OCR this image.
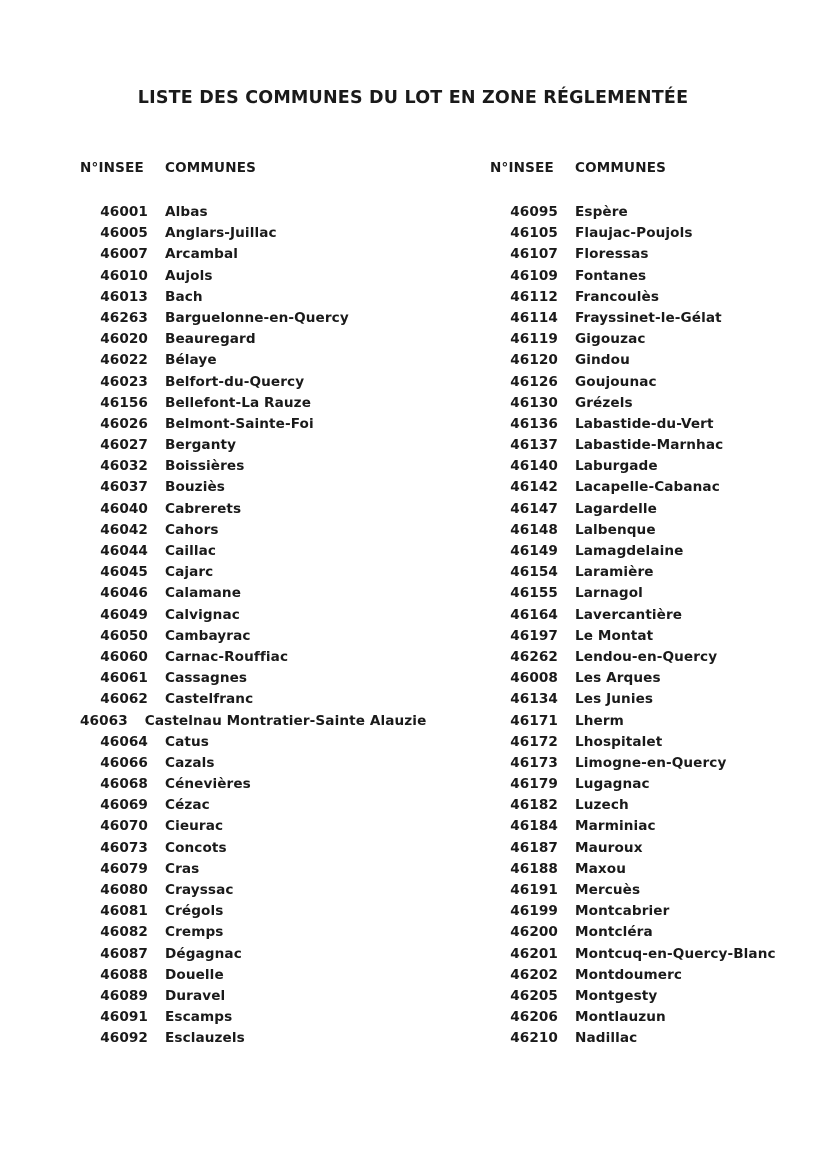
LISTE DES COMMUNES DU LOT EN ZONE RÉGLEMENTÉE
N°INSEE	COMMUNES
46001	Albas
46005	Anglars-Juillac
46007	Arcambal
46010	Aujols
46013	Bach
46263	Barguelonne-en-Quercy
46020	Beauregard
46022	Bélaye
46023	Belfort-du-Quercy
46156	Bellefont-La Rauze
46026	Belmont-Sainte-Foi
46027	Berganty
46032	Boissières
46037	Bouziès
46040	Cabrerets
46042	Cahors
46044	Caillac
46045	Cajarc
46046	Calamane
46049	Calvignac
46050	Cambayrac
46060	Carnac-Rouffiac
46061	Cassagnes
46062	Castelfranc
46063	Castelnau Montratier-Sainte Alauzie
46064	Catus
46066	Cazals
46068	Cénevières
46069	Cézac
46070	Cieurac
46073	Concots
46079	Cras
46080	Crayssac
46081	Crégols
46082	Cremps
46087	Dégagnac
46088	Douelle
46089	Duravel
46091	Escamps
46092	Esclauzels
N°INSEE	COMMUNES
46095	Espère
46105	Flaujac-Poujols
46107	Floressas
46109	Fontanes
46112	Francoulès
46114	Frayssinet-le-Gélat
46119	Gigouzac
46120	Gindou
46126	Goujounac
46130	Grézels
46136	Labastide-du-Vert
46137	Labastide-Marnhac
46140	Laburgade
46142	Lacapelle-Cabanac
46147	Lagardelle
46148	Lalbenque
46149	Lamagdelaine
46154	Laramière
46155	Larnagol
46164	Lavercantière
46197	Le Montat
46262	Lendou-en-Quercy
46008	Les Arques
46134	Les Junies
46171	Lherm
46172	Lhospitalet
46173	Limogne-en-Quercy
46179	Lugagnac
46182	Luzech
46184	Marminiac
46187	Mauroux
46188	Maxou
46191	Mercuès
46199	Montcabrier
46200	Montcléra
46201	Montcuq-en-Quercy-Blanc
46202	Montdoumerc
46205	Montgesty
46206	Montlauzun
46210	Nadillac
